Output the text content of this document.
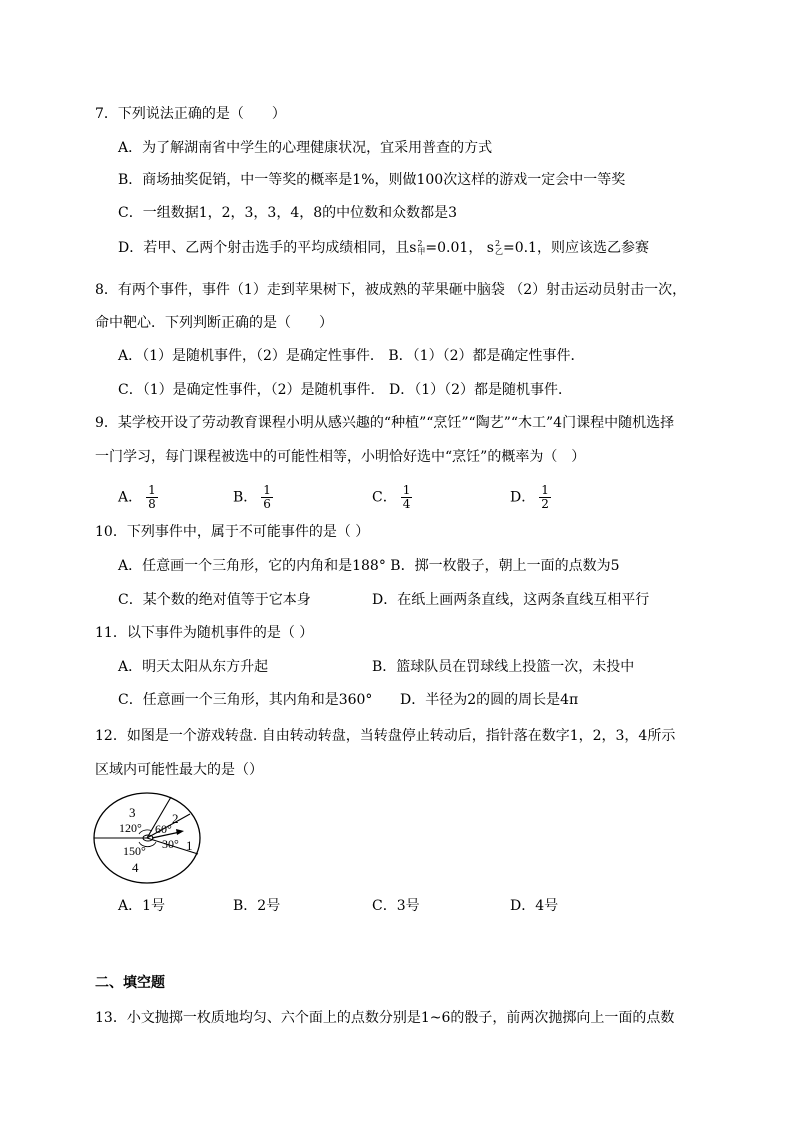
7．下列说法正确的是（　　）
A．为了解湖南省中学生的心理健康状况，宜采用普查的方式
B．商场抽奖促销，中一等奖的概率是1%，则做100次这样的游戏一定会中一等奖
C．一组数据1，2，3，3，4，8的中位数和众数都是3
D．若甲、乙两个射击选手的平均成绩相同，且s 2
甲 =0.01， s 2
乙 =0.1，则应该选乙参赛
8．有两个事件，事件（1）走到苹果树下，被成熟的苹果砸中脑袋 （2）射击运动员射击一次，
命中靶心．下列判断正确的是（　　）
A．（1）是随机事件，（2）是确定性事件． B．（1）（2）都是确定性事件．
C．（1）是确定性事件，（2）是随机事件． D．（1）（2）都是随机事件．
9．某学校开设了劳动教育课程小明从感兴趣的“种植”“烹饪”“陶艺”“木工”4门课程中随机选择
一门学习，每门课程被选中的可能性相等，小明恰好选中“烹饪”的概率为（　）
A． $\frac{1}{8}$	B． $\frac{1}{6}$	C． $\frac{1}{4}$	D． $\frac{1}{2}$
10．下列事件中，属于不可能事件的是（ ）
A．任意画一个三角形，它的内角和是188° B．掷一枚骰子，朝上一面的点数为5
C．某个数的绝对值等于它本身	D．在纸上画两条直线，这两条直线互相平行
11．以下事件为随机事件的是（ ）
A．明天太阳从东方升起	B．篮球队员在罚球线上投篮一次，未投中
C．任意画一个三角形，其内角和是360° D．半径为2的圆的周长是4π
12．如图是一个游戏转盘. 自由转动转盘，当转盘停止转动后，指针落在数字1，2，3，4所示
区域内可能性最大的是（）
3
120°
2
60°
1
30°
150°
4
A．1号	B．2号	C．3号	D．4号
二、填空题
13．小文抛掷一枚质地均匀、六个面上的点数分别是1~6的骰子，前两次抛掷向上一面的点数
